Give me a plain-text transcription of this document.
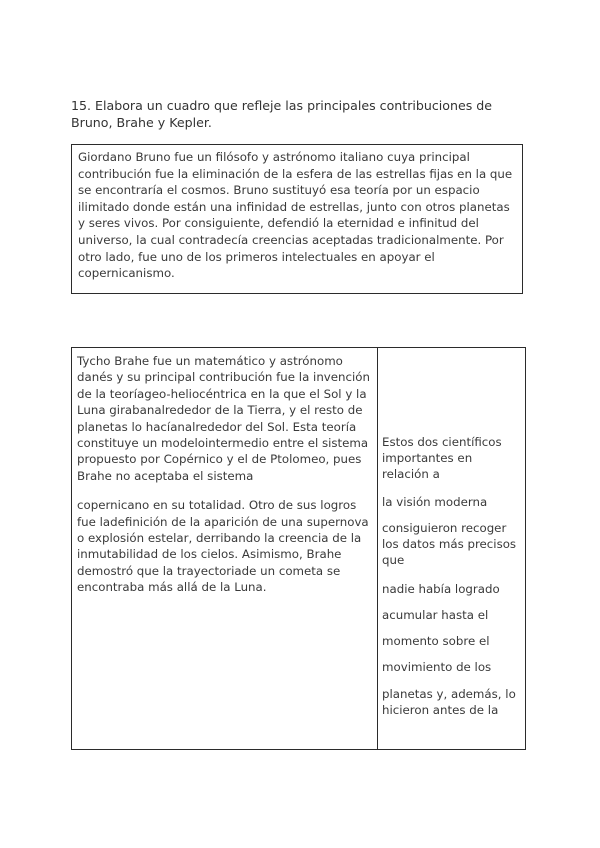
15. Elabora un cuadro que refleje las principales contribuciones de Bruno, Brahe y Kepler.
Giordano Bruno fue un filósofo y astrónomo italiano cuya principal contribución fue la eliminación de la esfera de las estrellas fijas en la que se encontraría el cosmos. Bruno sustituyó esa teoría por un espacio ilimitado donde están una infinidad de estrellas, junto con otros planetas y seres vivos. Por consiguiente, defendió la eternidad e infinitud del universo, la cual contradecía creencias aceptadas tradicionalmente. Por otro lado, fue uno de los primeros intelectuales en apoyar el copernicanismo.

Tycho Brahe fue un matemático y astrónomo danés y su principal contribución fue la invención de la teoríageo-heliocéntrica en la que el Sol y la Luna girabanalrededor de la Tierra, y el resto de planetas lo hacíanalrededor del Sol. Esta teoría constituye un modelointermedio entre el sistema propuesto por Copérnico y el de Ptolomeo, pues Brahe no aceptaba el sistema

copernicano en su totalidad. Otro de sus logros fue ladefinición de la aparición de una supernova o explosión estelar, derribando la creencia de la inmutabilidad de los cielos. Asimismo, Brahe demostró que la trayectoriade un cometa se encontraba más allá de la Luna.

Estos dos científicos importantes en relación a

la visión moderna

consiguieron recoger los datos más precisos que

nadie había logrado

acumular hasta el

momento sobre el

movimiento de los

planetas y, además, lo hicieron antes de la
